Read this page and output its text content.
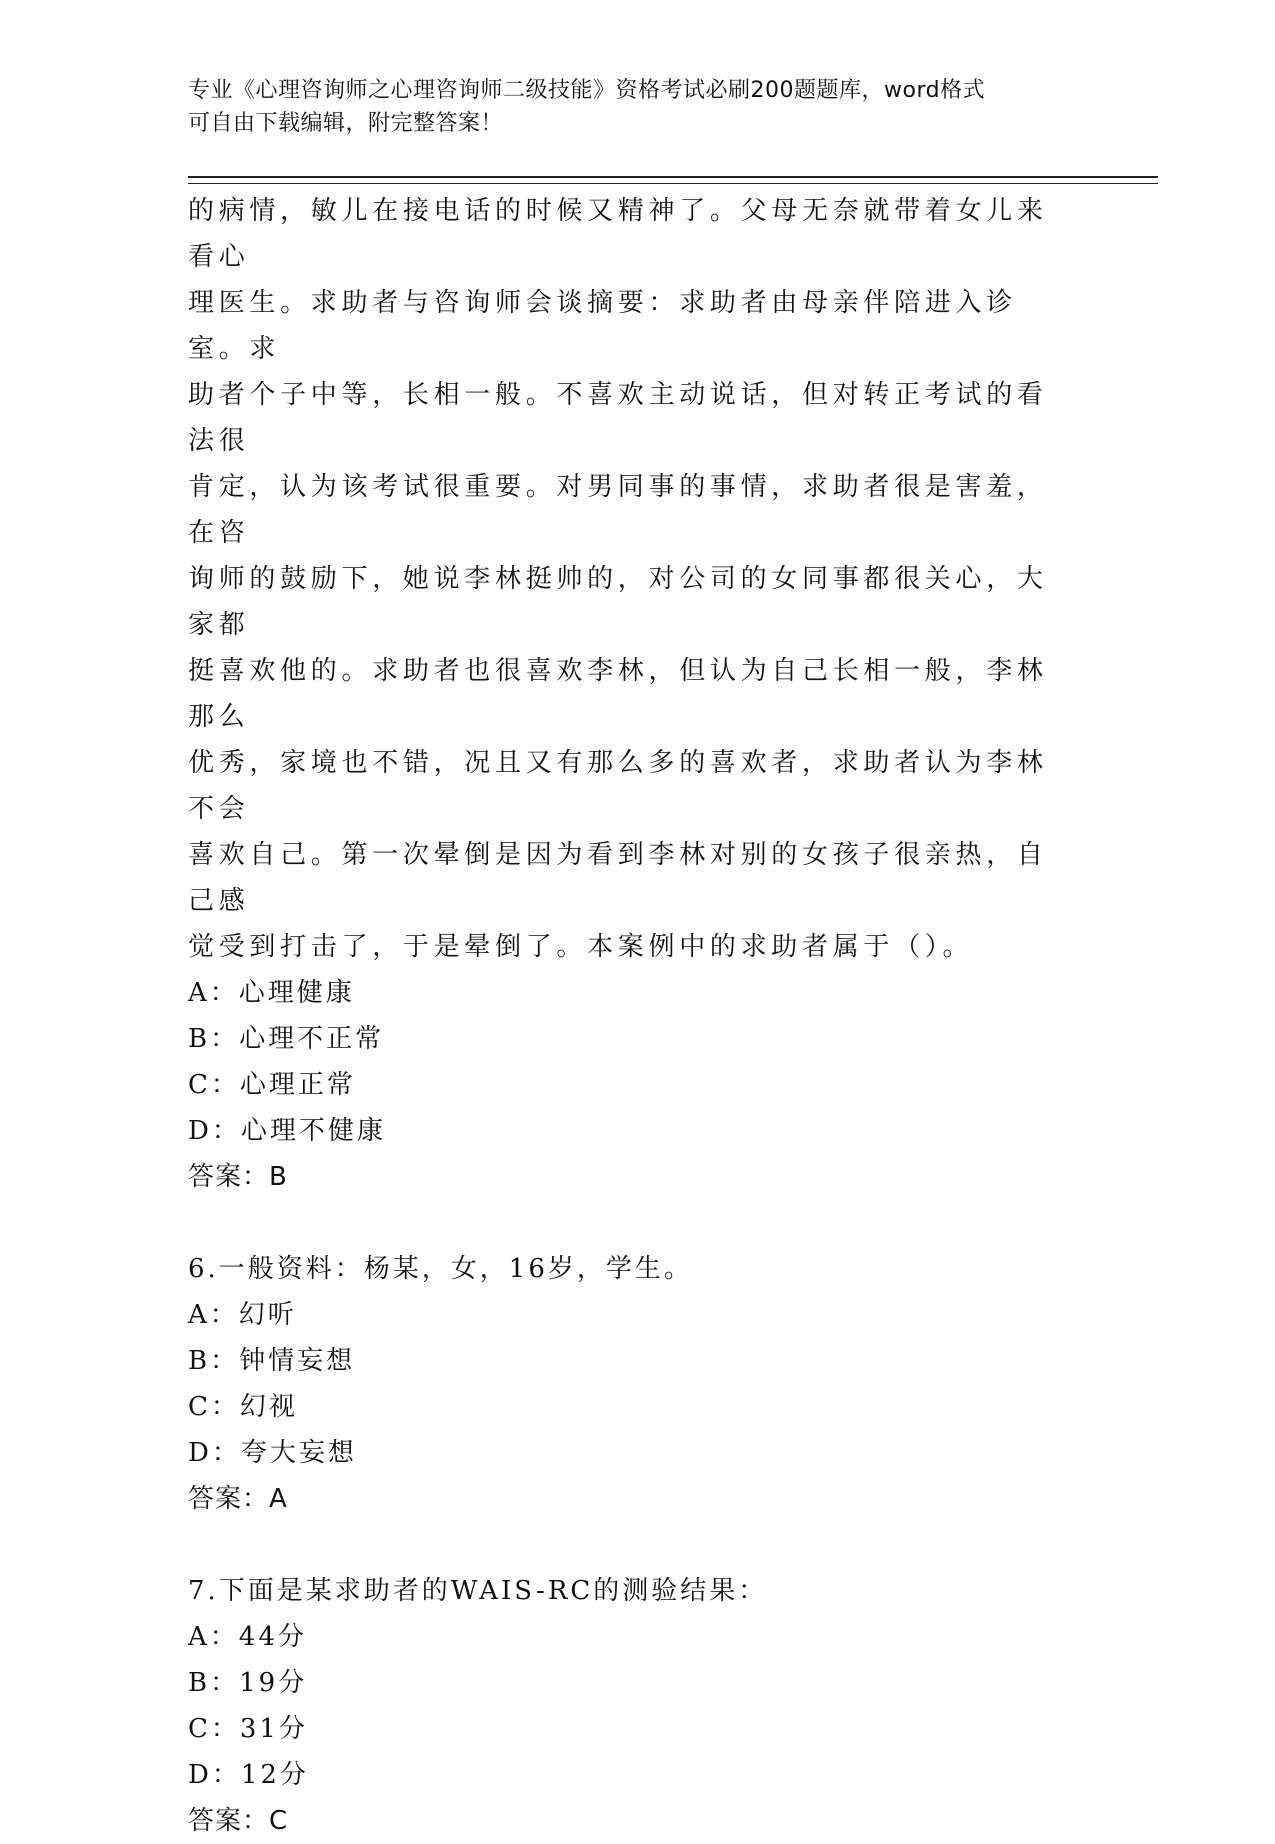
专业《心理咨询师之心理咨询师二级技能》资格考试必刷200题题库，word格式
可自由下载编辑，附完整答案！

的病情，敏儿在接电话的时候又精神了。父母无奈就带着女儿来看心

理医生。求助者与咨询师会谈摘要：求助者由母亲伴陪进入诊室。求

助者个子中等，长相一般。不喜欢主动说话，但对转正考试的看法很

肯定，认为该考试很重要。对男同事的事情，求助者很是害羞，在咨

询师的鼓励下，她说李林挺帅的，对公司的女同事都很关心，大家都

挺喜欢他的。求助者也很喜欢李林，但认为自己长相一般，李林那么

优秀，家境也不错，况且又有那么多的喜欢者，求助者认为李林不会

喜欢自己。第一次晕倒是因为看到李林对别的女孩子很亲热，自己感

觉受到打击了，于是晕倒了。本案例中的求助者属于（）。

A：心理健康

B：心理不正常

C：心理正常

D：心理不健康

答案：B

6.一般资料：杨某，女，16岁，学生。

A：幻听

B：钟情妄想

C：幻视

D：夸大妄想

答案：A

7.下面是某求助者的WAIS-RC的测验结果：

A：44分

B：19分

C：31分

D：12分

答案：C
